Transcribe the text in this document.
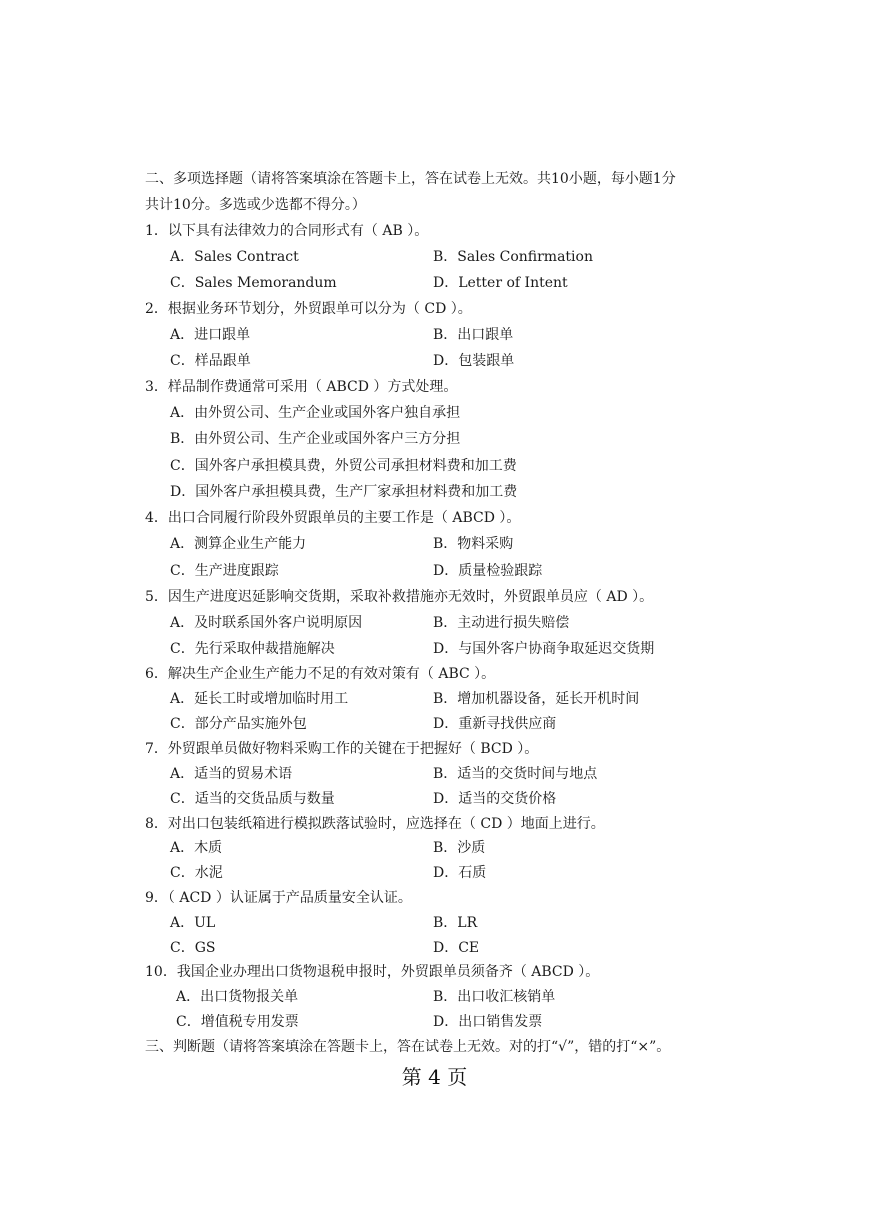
二、多项选择题（请将答案填涂在答题卡上，答在试卷上无效。共10小题，每小题1分
共计10分。多选或少选都不得分。）
1．以下具有法律效力的合同形式有（ AB ）。
A．Sales Contract	B．Sales Confirmation
C．Sales Memorandum	D．Letter of Intent
2．根据业务环节划分，外贸跟单可以分为（ CD ）。
A．进口跟单	B．出口跟单
C．样品跟单	D．包装跟单
3．样品制作费通常可采用（ ABCD ）方式处理。
A．由外贸公司、生产企业或国外客户独自承担
B．由外贸公司、生产企业或国外客户三方分担
C．国外客户承担模具费，外贸公司承担材料费和加工费
D．国外客户承担模具费，生产厂家承担材料费和加工费
4．出口合同履行阶段外贸跟单员的主要工作是（ ABCD ）。
A．测算企业生产能力	B．物料采购
C．生产进度跟踪	D．质量检验跟踪
5．因生产进度迟延影响交货期，采取补救措施亦无效时，外贸跟单员应（ AD ）。
A．及时联系国外客户说明原因	B．主动进行损失赔偿
C．先行采取仲裁措施解决	D．与国外客户协商争取延迟交货期
6．解决生产企业生产能力不足的有效对策有（ ABC ）。
A．延长工时或增加临时用工	B．增加机器设备，延长开机时间
C．部分产品实施外包	D．重新寻找供应商
7．外贸跟单员做好物料采购工作的关键在于把握好（ BCD ）。
A．适当的贸易术语	B．适当的交货时间与地点
C．适当的交货品质与数量	D．适当的交货价格
8．对出口包装纸箱进行模拟跌落试验时，应选择在（ CD ）地面上进行。
A．木质	B．沙质
C．水泥	D．石质
9．（ ACD ）认证属于产品质量安全认证。
A．UL	B．LR
C．GS	D．CE
10．我国企业办理出口货物退税申报时，外贸跟单员须备齐（ ABCD ）。
A．出口货物报关单	B．出口收汇核销单
C．增值税专用发票	D．出口销售发票
三、判断题（请将答案填涂在答题卡上，答在试卷上无效。对的打“√”，错的打“×”。
第 4 页
